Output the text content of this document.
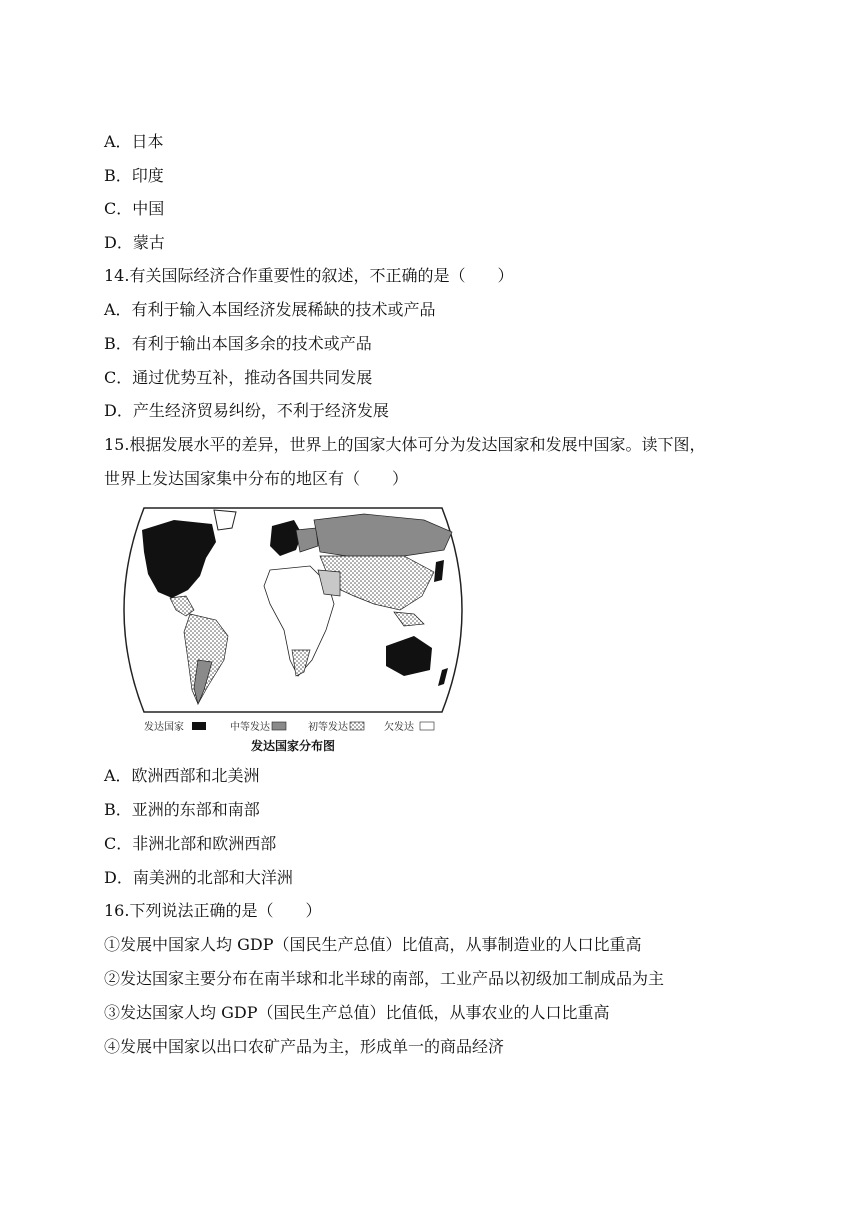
A．日本
B．印度
C．中国
D．蒙古
14.有关国际经济合作重要性的叙述，不正确的是（　　）
A．有利于输入本国经济发展稀缺的技术或产品
B．有利于输出本国多余的技术或产品
C．通过优势互补，推动各国共同发展
D．产生经济贸易纠纷，不利于经济发展
15.根据发展水平的差异，世界上的国家大体可分为发达国家和发展中国家。读下图，
世界上发达国家集中分布的地区有（　　）
发达国家	中等发达	初等发达	欠发达
发达国家分布图
A．欧洲西部和北美洲
B．亚洲的东部和南部
C．非洲北部和欧洲西部
D．南美洲的北部和大洋洲
16.下列说法正确的是（　　）
①发展中国家人均 GDP（国民生产总值）比值高，从事制造业的人口比重高
②发达国家主要分布在南半球和北半球的南部，工业产品以初级加工制成品为主
③发达国家人均 GDP（国民生产总值）比值低，从事农业的人口比重高
④发展中国家以出口农矿产品为主，形成单一的商品经济
